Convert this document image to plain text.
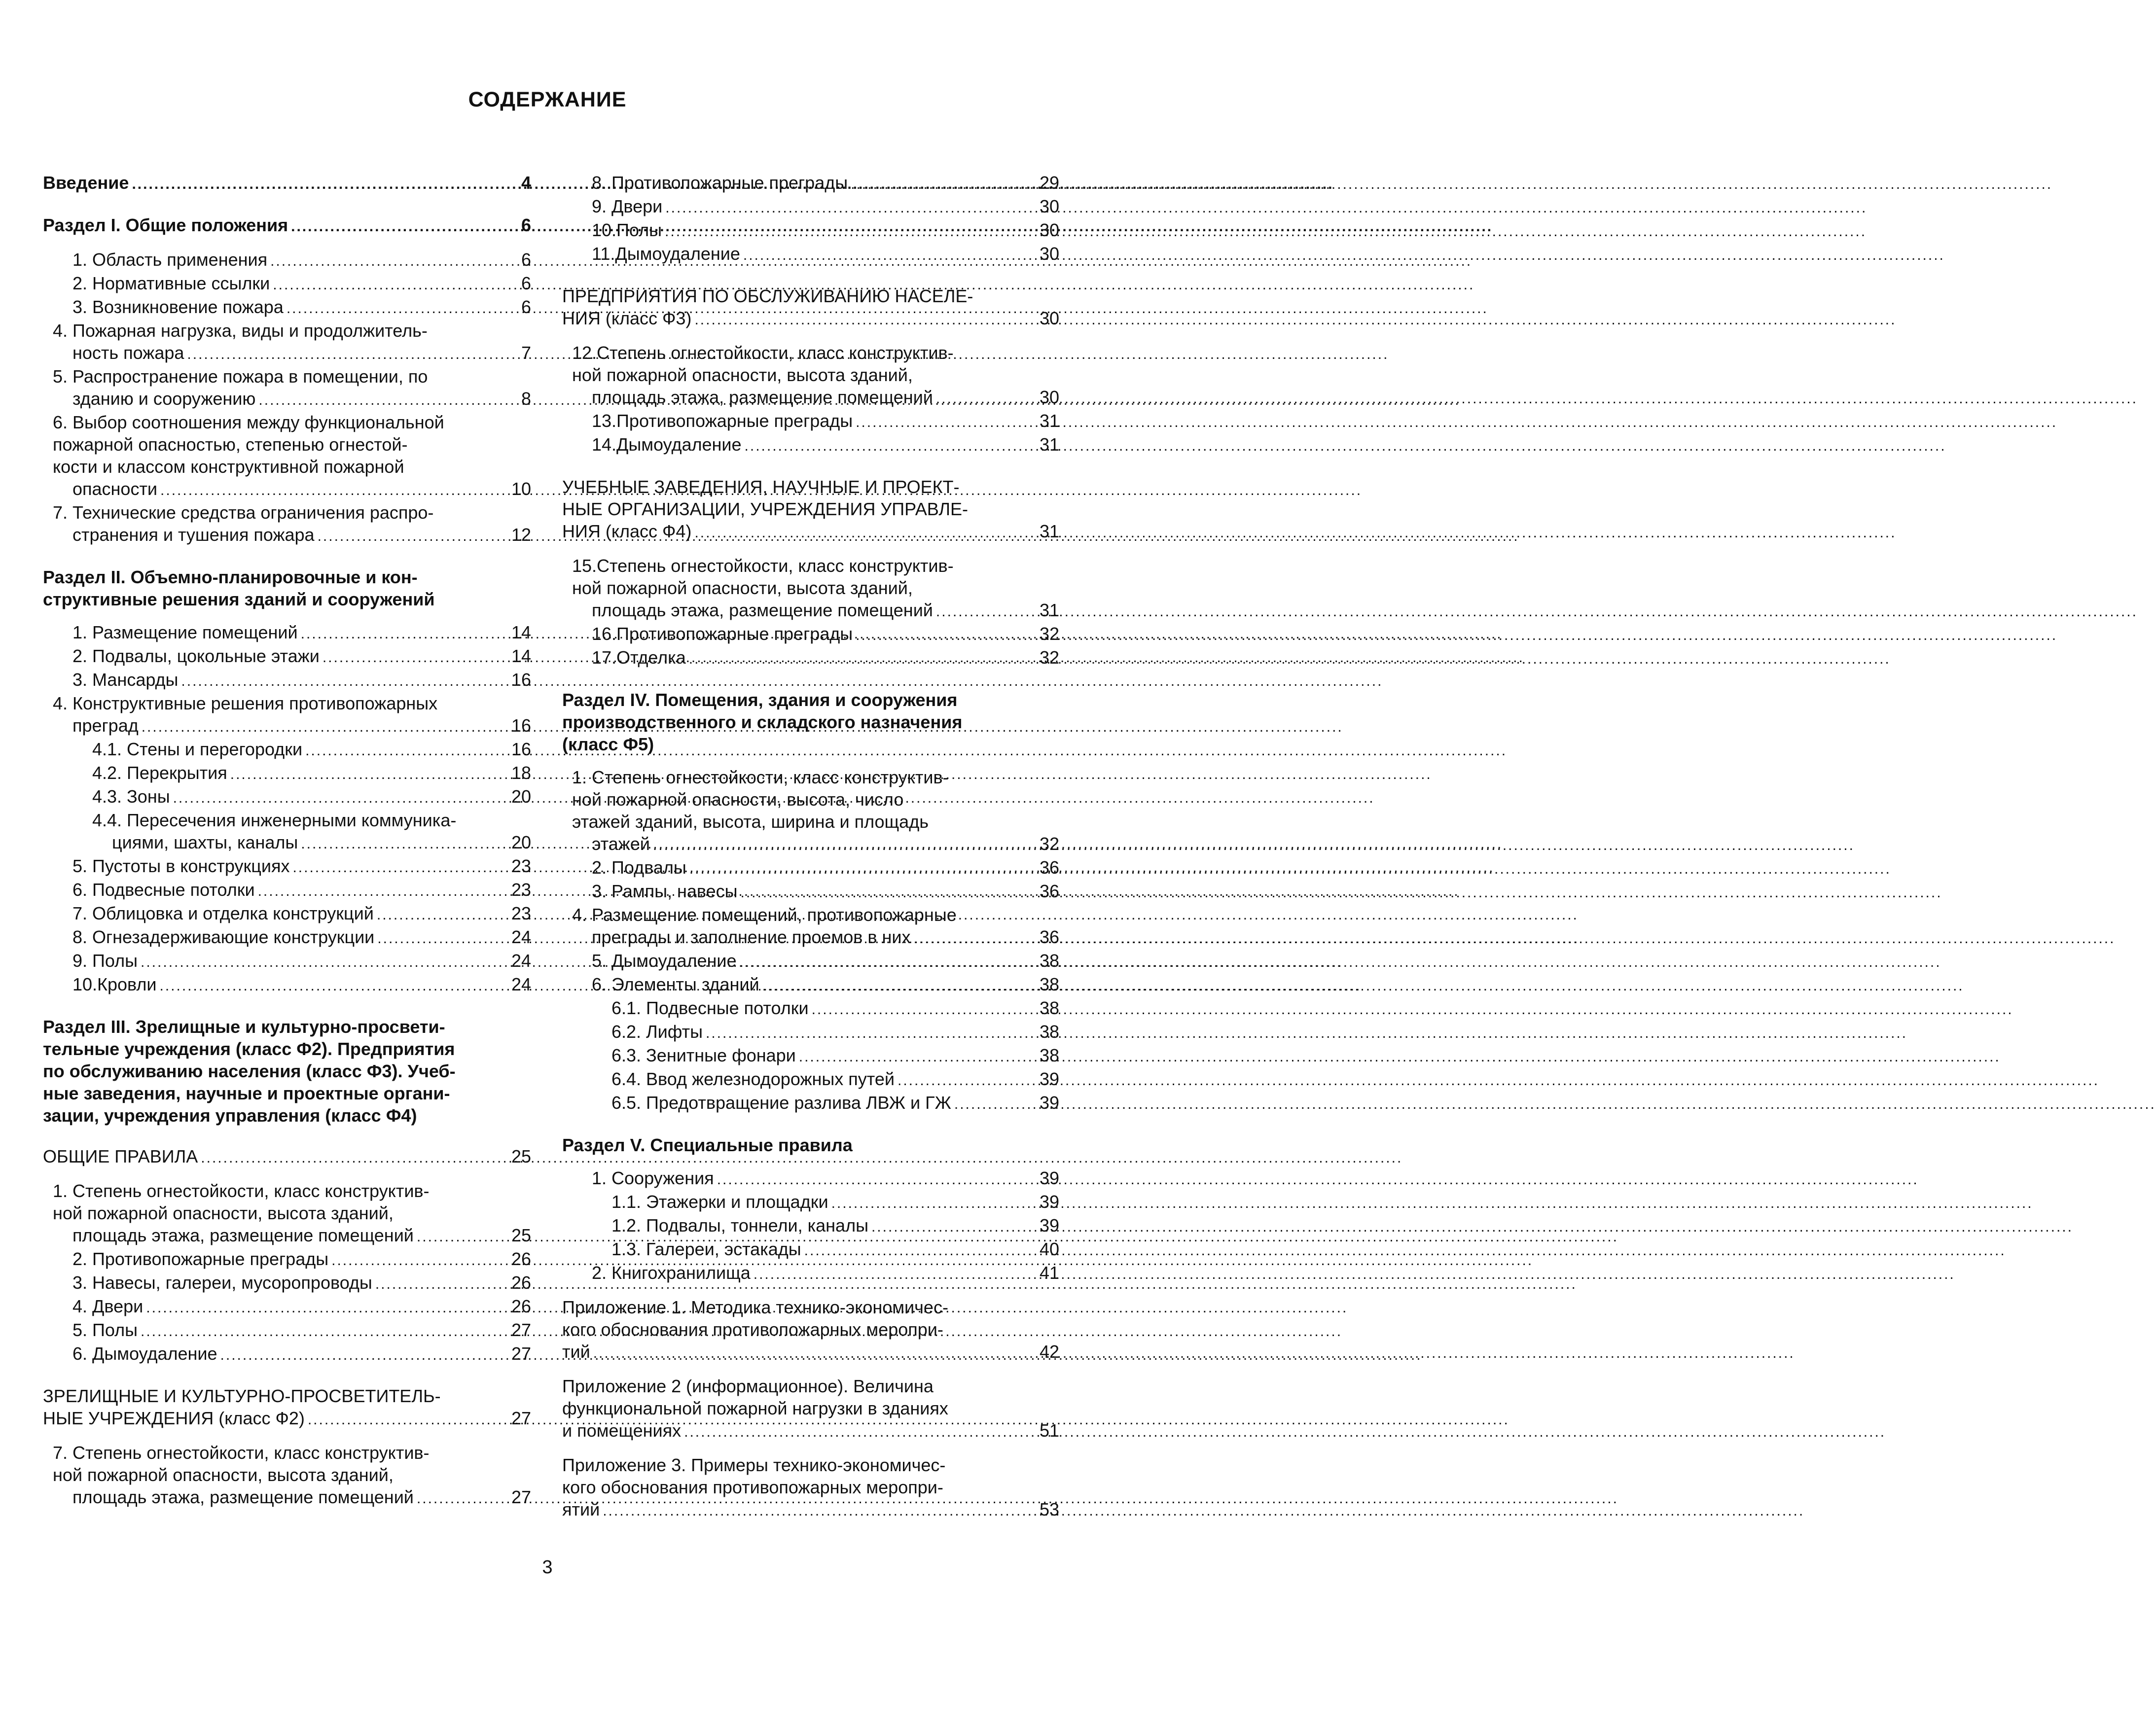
СОДЕРЖАНИЕ
Введение .....	4
Раздел I. Общие положения .....	6
1. Область применения .....	6
2. Нормативные ссылки .....	6
3. Возникновение пожара .....	6
4. Пожарная нагрузка, виды и продолжитель-
ность пожара .....	7
5. Распространение пожара в помещении, по
зданию и сооружению .....	8
6. Выбор соотношения между функциональной
пожарной опасностью, степенью огнестой-
кости и классом конструктивной пожарной
опасности .....	10
7. Технические средства ограничения распро-
странения и тушения пожара .....	12
Раздел II. Объемно-планировочные и кон-
структивные решения зданий и сооружений
1. Размещение помещений .....	14
2. Подвалы, цокольные этажи .....	14
3. Мансарды .....	16
4. Конструктивные решения противопожарных
преград .....	16
4.1. Стены и перегородки .....	16
4.2. Перекрытия .....	18
4.3. Зоны .....	20
4.4. Пересечения инженерными коммуника-
циями, шахты, каналы .....	20
5. Пустоты в конструкциях .....	23
6. Подвесные потолки .....	23
7. Облицовка и отделка конструкций .....	23
8. Огнезадерживающие конструкции .....	24
9. Полы .....	24
10.Кровли .....	24
Раздел III. Зрелищные и культурно-просвети-
тельные учреждения (класс Ф2). Предприятия
по обслуживанию населения (класс Ф3). Учеб-
ные заведения, научные и проектные органи-
зации, учреждения управления (класс Ф4)
ОБЩИЕ ПРАВИЛА .....	25
1. Степень огнестойкости, класс конструктив-
ной пожарной опасности, высота зданий,
площадь этажа, размещение помещений .....	25
2. Противопожарные преграды .....	26
3. Навесы, галереи, мусоропроводы .....	26
4. Двери .....	26
5. Полы .....	27
6. Дымоудаление .....	27
ЗРЕЛИЩНЫЕ И КУЛЬТУРНО-ПРОСВЕТИТЕЛЬ-
НЫЕ УЧРЕЖДЕНИЯ (класс Ф2) .....	27
7. Степень огнестойкости, класс конструктив-
ной пожарной опасности, высота зданий,
площадь этажа, размещение помещений .....	27
8. Противопожарные преграды .....	29
9. Двери .....	30
10.Полы .....	30
11.Дымоудаление .....	30
ПРЕДПРИЯТИЯ ПО ОБСЛУЖИВАНИЮ НАСЕЛЕ-
НИЯ (класс Ф3) .....	30
12.Степень огнестойкости, класс конструктив-
ной пожарной опасности, высота зданий,
площадь этажа, размещение помещений .....	30
13.Противопожарные преграды .....	31
14.Дымоудаление .....	31
УЧЕБНЫЕ ЗАВЕДЕНИЯ, НАУЧНЫЕ И ПРОЕКТ-
НЫЕ ОРГАНИЗАЦИИ, УЧРЕЖДЕНИЯ УПРАВЛЕ-
НИЯ (класс Ф4) .....	31
15.Степень огнестойкости, класс конструктив-
ной пожарной опасности, высота зданий,
площадь этажа, размещение помещений .....	31
16.Противопожарные преграды .....	32
17.Отделка .....	32
Раздел IV. Помещения, здания и сооружения
производственного и складского назначения
(класс Ф5)
1. Степень огнестойкости, класс конструктив-
ной пожарной опасности, высота, число
этажей зданий, высота, ширина и площадь
этажей .....	32
2. Подвалы .....	36
3. Рампы, навесы .....	36
4. Размещение помещений, противопожарные
преграды и заполнение проемов в них .....	36
5. Дымоудаление .....	38
6. Элементы зданий .....	38
6.1. Подвесные потолки .....	38
6.2. Лифты .....	38
6.3. Зенитные фонари .....	38
6.4. Ввод железнодорожных путей .....	39
6.5. Предотвращение разлива ЛВЖ и ГЖ .....	39
Раздел V. Специальные правила
1. Сооружения .....	39
1.1. Этажерки и площадки .....	39
1.2. Подвалы, тоннели, каналы .....	39
1.3. Галереи, эстакады .....	40
2. Книгохранилища .....	41
Приложение 1. Методика технико-экономичес-
кого обоснования противопожарных меропри-
тий .....	42
Приложение 2 (информационное). Величина
функциональной пожарной нагрузки в зданиях
и помещениях .....	51
Приложение 3. Примеры технико-экономичес-
кого обоснования противопожарных меропри-
ятий .....	53
3
